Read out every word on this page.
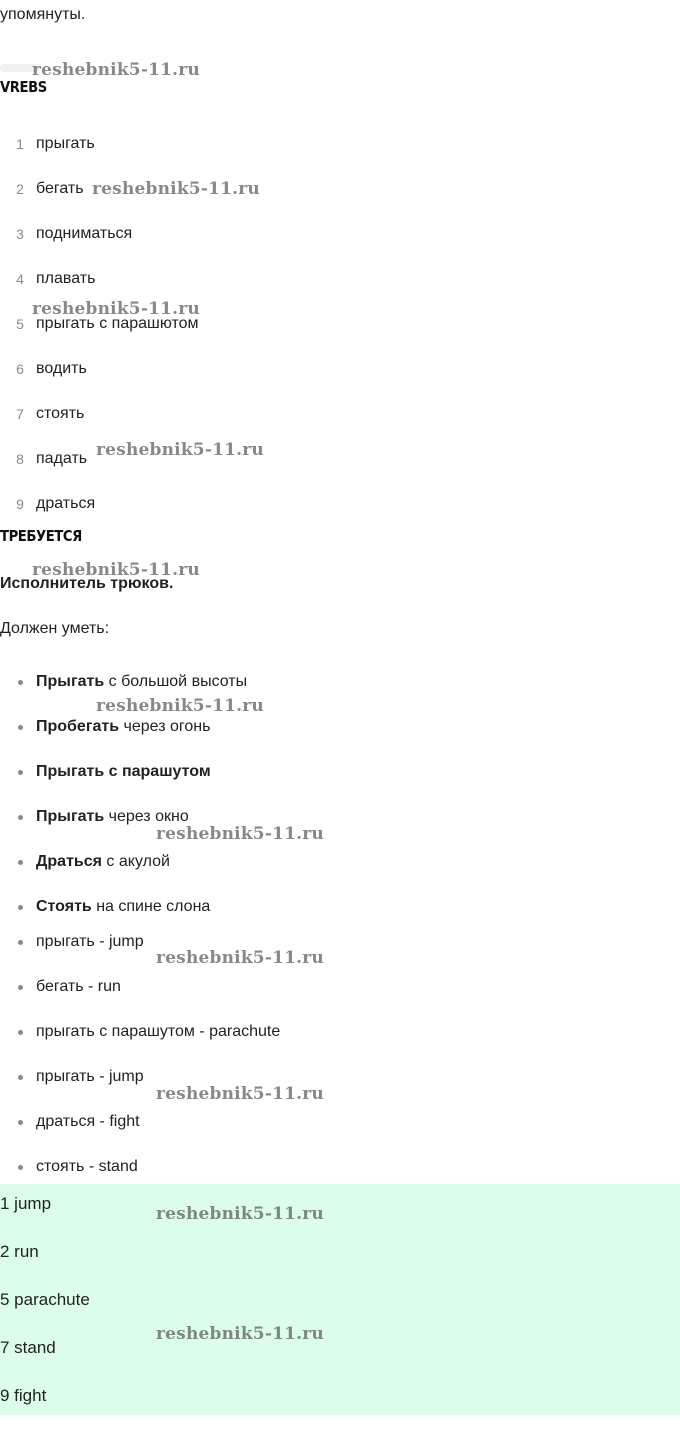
упомянуты.
VREBS
1 прыгать
2 бегать
3 подниматься
4 плавать
5 прыгать с парашютом
6 водить
7 стоять
8 падать
9 драться
ТРЕБУЕТСЯ
Исполнитель трюков.
Должен уметь:
Прыгать с большой высоты
Пробегать через огонь
Прыгать с парашутом
Прыгать через окно
Драться с акулой
Стоять на спине слона
прыгать - jump
бегать - run
прыгать с парашутом - parachute
прыгать - jump
драться - fight
стоять - stand
1 jump
2 run
5 parachute
7 stand
9 fight
reshebnik5-11.ru
reshebnik5-11.ru
reshebnik5-11.ru
reshebnik5-11.ru
reshebnik5-11.ru
reshebnik5-11.ru
reshebnik5-11.ru
reshebnik5-11.ru
reshebnik5-11.ru
reshebnik5-11.ru
reshebnik5-11.ru
